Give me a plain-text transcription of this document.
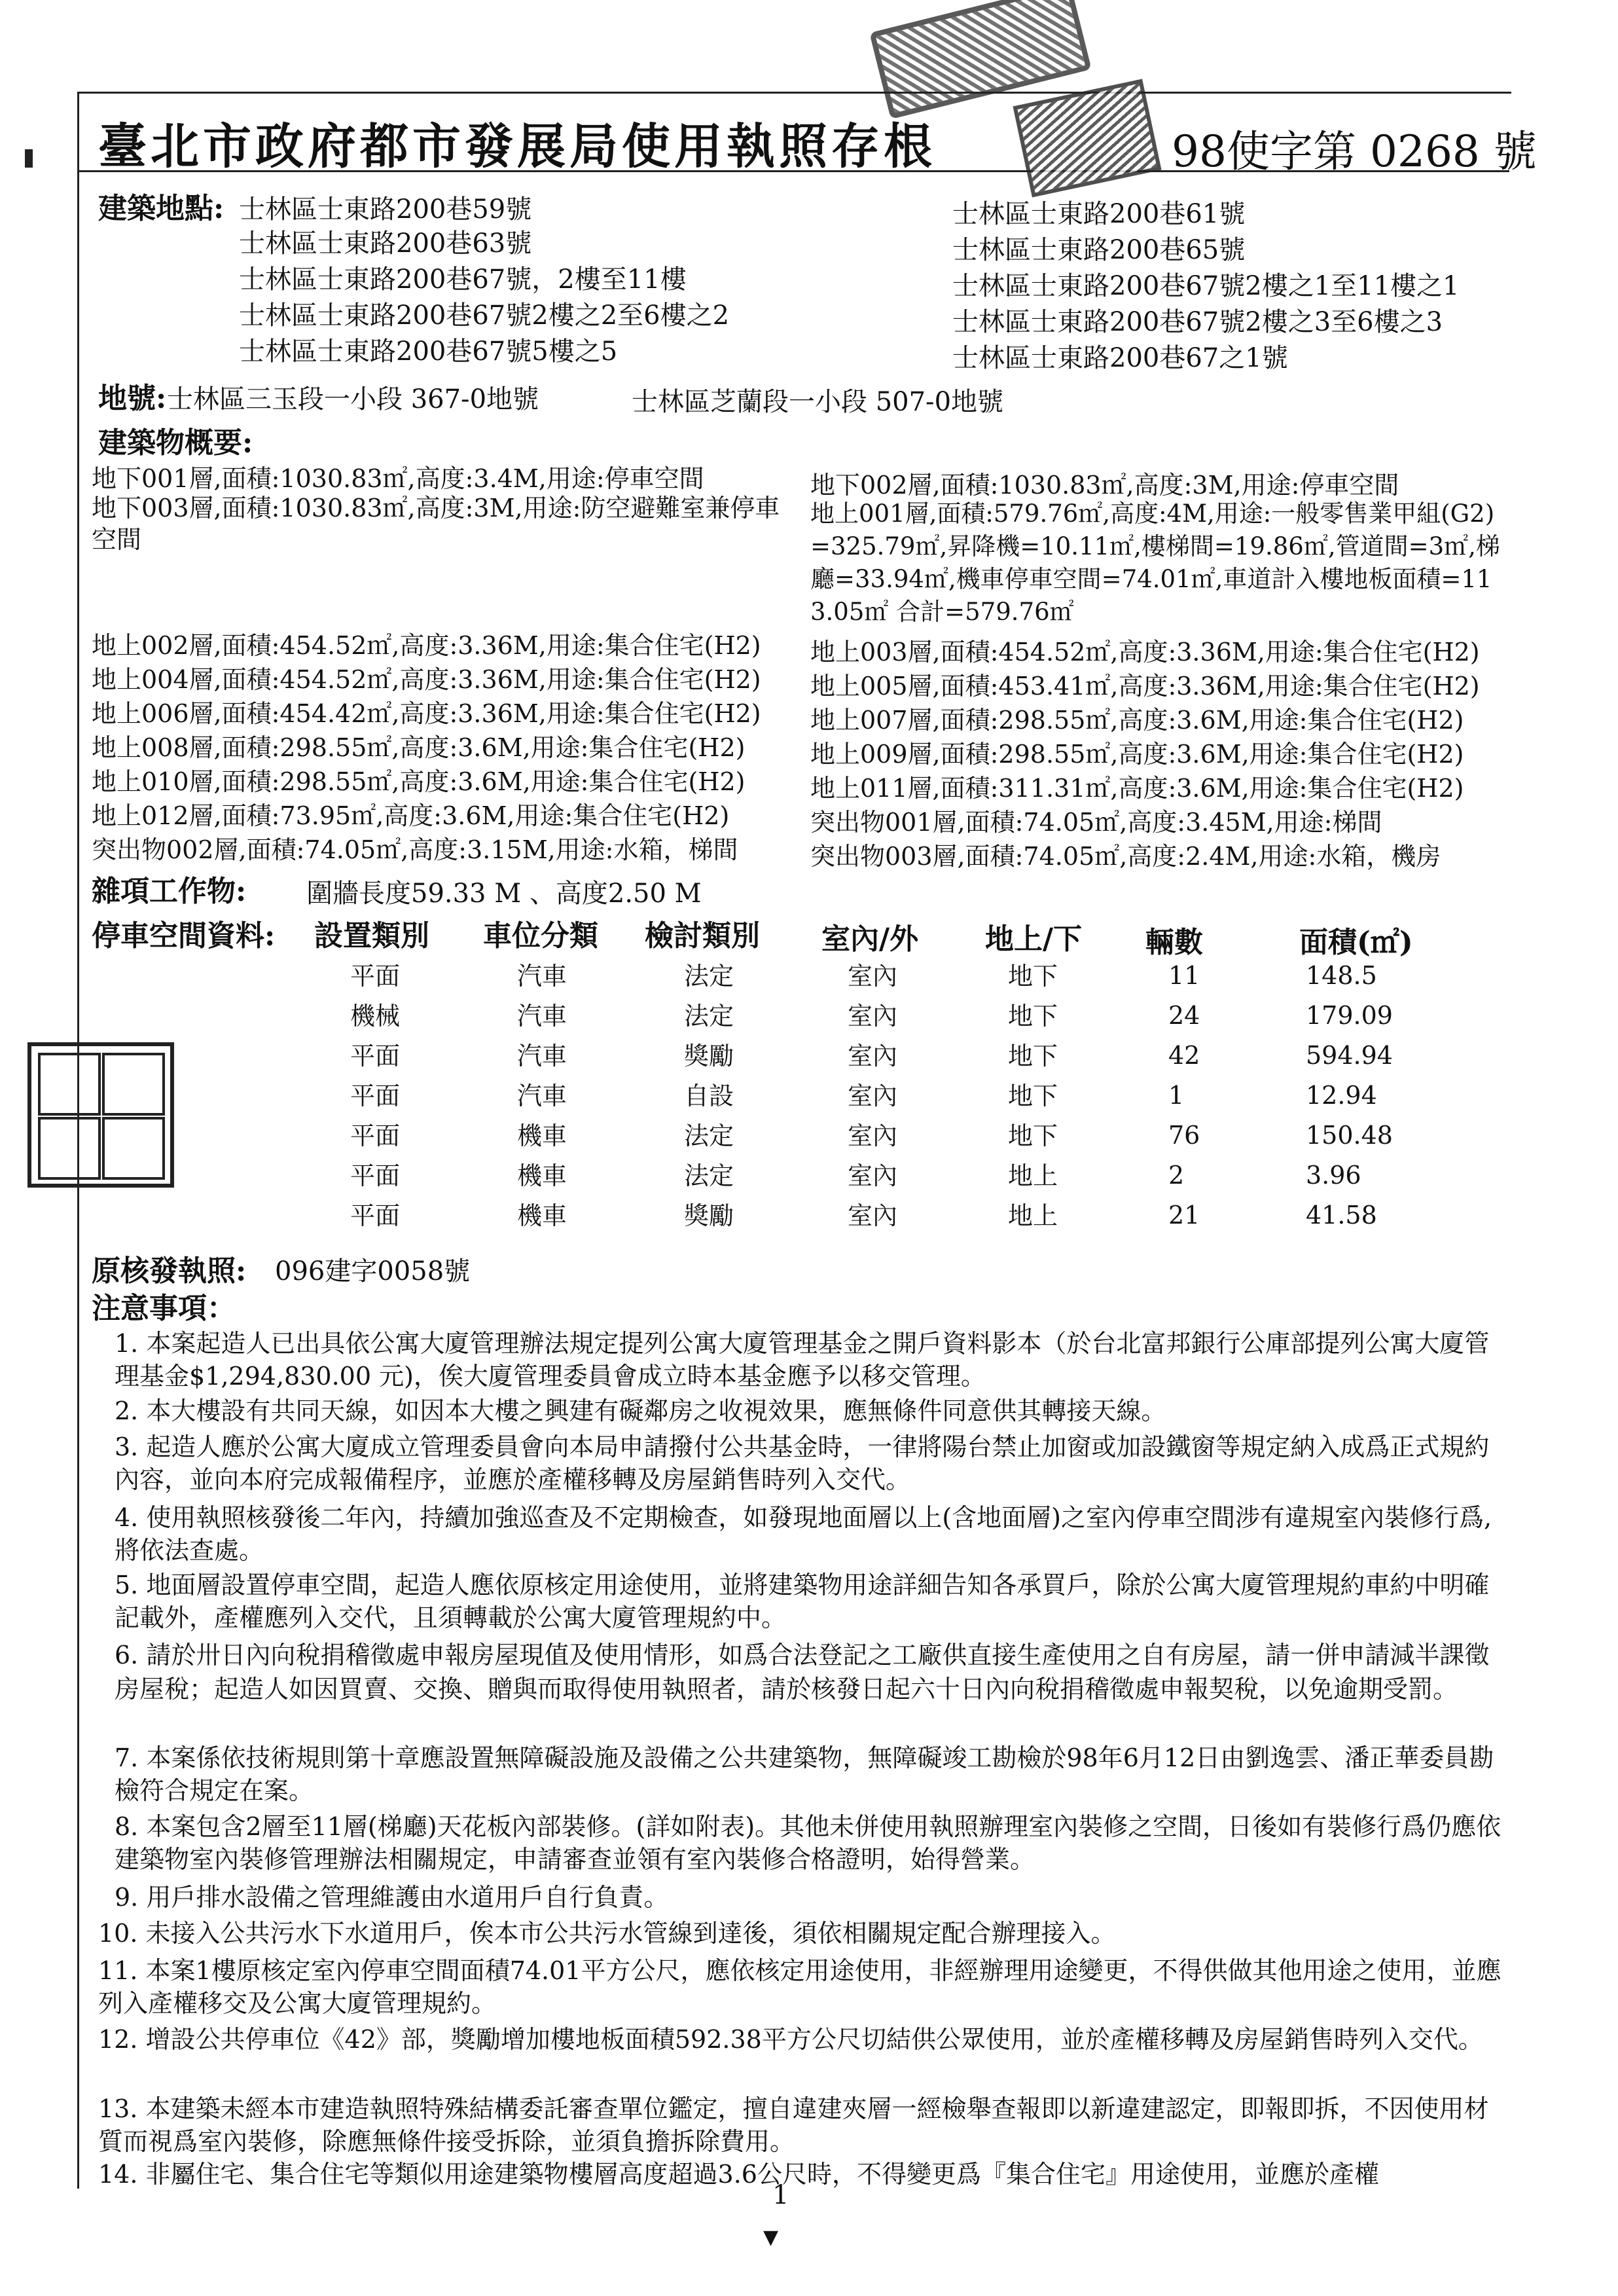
臺北市政府都市發展局使用執照存根	98使字第 0268 號
建築地點: 士林區士東路200巷59號
士林區士東路200巷63號
士林區士東路200巷67號，2樓至11樓
士林區士東路200巷67號2樓之2至6樓之2
士林區士東路200巷67號5樓之5
士林區士東路200巷61號
士林區士東路200巷65號
士林區士東路200巷67號2樓之1至11樓之1
士林區士東路200巷67號2樓之3至6樓之3
士林區士東路200巷67之1號
地號: 士林區三玉段一小段 367-0地號	士林區芝蘭段一小段 507-0地號
建築物概要:
地下001層,面積:1030.83㎡,高度:3.4M,用途:停車空間
地下003層,面積:1030.83㎡,高度:3M,用途:防空避難室兼停車空間
地下002層,面積:1030.83㎡,高度:3M,用途:停車空間
地上001層,面積:579.76㎡,高度:4M,用途:一般零售業甲組(G2)=325.79㎡,昇降機=10.11㎡,樓梯間=19.86㎡,管道間=3㎡,梯廳=33.94㎡,機車停車空間=74.01㎡,車道計入樓地板面積=113.05㎡ 合計=579.76㎡
地上002層,面積:454.52㎡,高度:3.36M,用途:集合住宅(H2)
地上004層,面積:454.52㎡,高度:3.36M,用途:集合住宅(H2)
地上006層,面積:454.42㎡,高度:3.36M,用途:集合住宅(H2)
地上008層,面積:298.55㎡,高度:3.6M,用途:集合住宅(H2)
地上010層,面積:298.55㎡,高度:3.6M,用途:集合住宅(H2)
地上012層,面積:73.95㎡,高度:3.6M,用途:集合住宅(H2)
突出物002層,面積:74.05㎡,高度:3.15M,用途:水箱，梯間
地上003層,面積:454.52㎡,高度:3.36M,用途:集合住宅(H2)
地上005層,面積:453.41㎡,高度:3.36M,用途:集合住宅(H2)
地上007層,面積:298.55㎡,高度:3.6M,用途:集合住宅(H2)
地上009層,面積:298.55㎡,高度:3.6M,用途:集合住宅(H2)
地上011層,面積:311.31㎡,高度:3.6M,用途:集合住宅(H2)
突出物001層,面積:74.05㎡,高度:3.45M,用途:梯間
突出物003層,面積:74.05㎡,高度:2.4M,用途:水箱，機房
雜項工作物: 圍牆長度59.33 M 、高度2.50 M
停車空間資料: 設置類別 車位分類 檢討類別 室內/外 地上/下 輛數	面積(㎡)
平面	汽車	法定	室內	地下	11	148.5
機械	汽車	法定	室內	地下	24	179.09
平面	汽車	獎勵	室內	地下	42	594.94
平面	汽車	自設	室內	地下	1	12.94
平面	機車	法定	室內	地下	76	150.48
平面	機車	法定	室內	地上	2	3.96
平面	機車	獎勵	室內	地上	21	41.58
原核發執照: 096建字0058號
注意事項：
1. 本案起造人已出具依公寓大廈管理辦法規定提列公寓大廈管理基金之開戶資料影本（於台北富邦銀行公庫部提列公寓大廈管理基金$1,294,830.00 元)，俟大廈管理委員會成立時本基金應予以移交管理。
2. 本大樓設有共同天線，如因本大樓之興建有礙鄰房之收視效果，應無條件同意供其轉接天線。
3. 起造人應於公寓大廈成立管理委員會向本局申請撥付公共基金時，一律將陽台禁止加窗或加設鐵窗等規定納入成爲正式規約內容，並向本府完成報備程序，並應於產權移轉及房屋銷售時列入交代。
4. 使用執照核發後二年內，持續加強巡查及不定期檢查，如發現地面層以上(含地面層)之室內停車空間涉有違規室內裝修行爲,將依法查處。
5. 地面層設置停車空間，起造人應依原核定用途使用，並將建築物用途詳細告知各承買戶，除於公寓大廈管理規約車約中明確記載外，產權應列入交代，且須轉載於公寓大廈管理規約中。
6. 請於卅日內向稅捐稽徵處申報房屋現值及使用情形，如爲合法登記之工廠供直接生產使用之自有房屋，請一併申請減半課徵房屋稅；起造人如因買賣、交換、贈與而取得使用執照者，請於核發日起六十日內向稅捐稽徵處申報契稅，以免逾期受罰。
7. 本案係依技術規則第十章應設置無障礙設施及設備之公共建築物，無障礙竣工勘檢於98年6月12日由劉逸雲、潘正華委員勘檢符合規定在案。
8. 本案包含2層至11層(梯廳)天花板內部裝修。(詳如附表)。其他未併使用執照辦理室內裝修之空間，日後如有裝修行爲仍應依建築物室內裝修管理辦法相關規定，申請審查並領有室內裝修合格證明，始得營業。
9. 用戶排水設備之管理維護由水道用戶自行負責。
10. 未接入公共污水下水道用戶，俟本市公共污水管線到達後，須依相關規定配合辦理接入。
11. 本案1樓原核定室內停車空間面積74.01平方公尺，應依核定用途使用，非經辦理用途變更，不得供做其他用途之使用，並應列入產權移交及公寓大廈管理規約。
12. 增設公共停車位《42》部，獎勵增加樓地板面積592.38平方公尺切結供公眾使用，並於產權移轉及房屋銷售時列入交代。
13. 本建築未經本市建造執照特殊結構委託審查單位鑑定，擅自違建夾層一經檢舉查報即以新違建認定，即報即拆，不因使用材質而視爲室內裝修，除應無條件接受拆除，並須負擔拆除費用。
14. 非屬住宅、集合住宅等類似用途建築物樓層高度超過3.6公尺時，不得變更爲『集合住宅』用途使用，並應於產權
1
▼
